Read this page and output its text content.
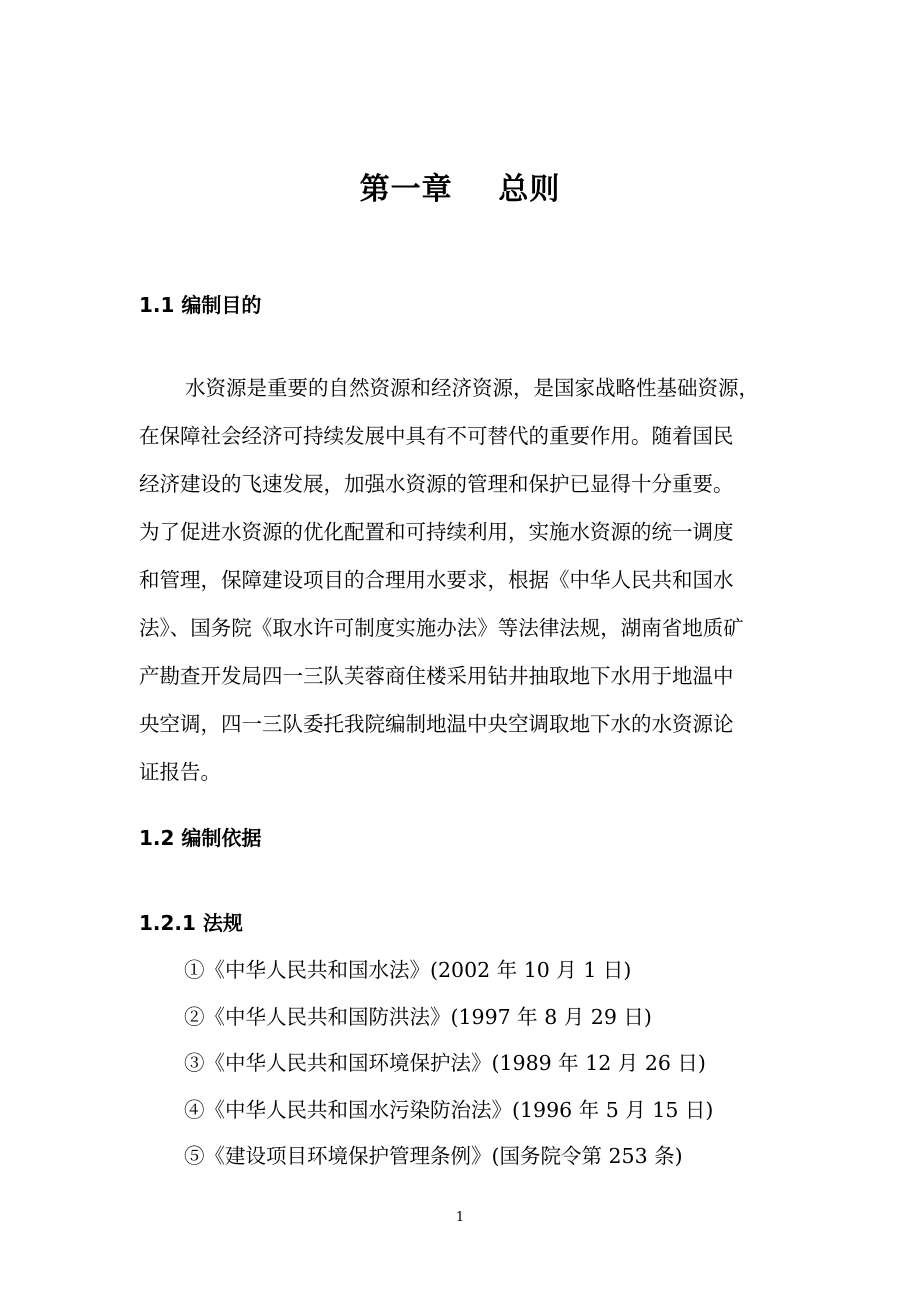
第一章    总则
1.1 编制目的
水资源是重要的自然资源和经济资源，是国家战略性基础资源，
在保障社会经济可持续发展中具有不可替代的重要作用。随着国民
经济建设的飞速发展，加强水资源的管理和保护已显得十分重要。
为了促进水资源的优化配置和可持续利用，实施水资源的统一调度
和管理，保障建设项目的合理用水要求，根据《中华人民共和国水
法》、国务院《取水许可制度实施办法》等法律法规，湖南省地质矿
产勘查开发局四一三队芙蓉商住楼采用钻井抽取地下水用于地温中
央空调，四一三队委托我院编制地温中央空调取地下水的水资源论
证报告。
1.2 编制依据
1.2.1 法规
①《中华人民共和国水法》(2002 年 10 月 1 日)
②《中华人民共和国防洪法》(1997 年 8 月 29 日)
③《中华人民共和国环境保护法》(1989 年 12 月 26 日)
④《中华人民共和国水污染防治法》(1996 年 5 月 15 日)
⑤《建设项目环境保护管理条例》(国务院令第 253 条)
1
